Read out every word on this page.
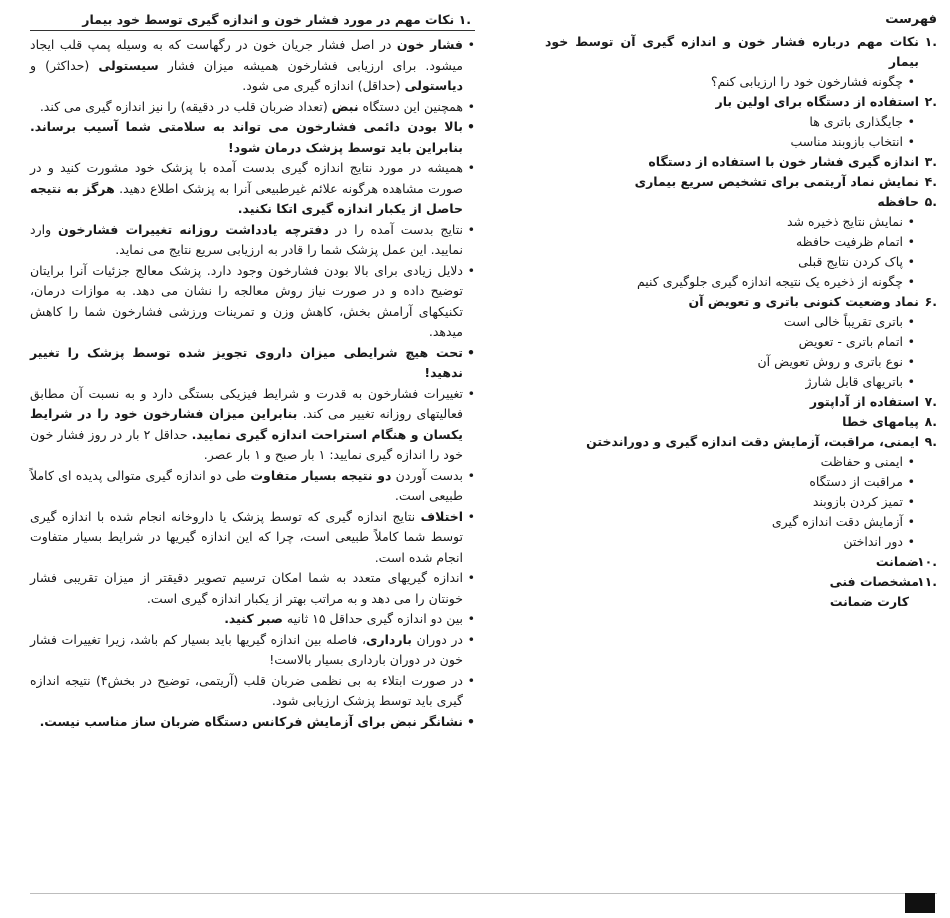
فهرست
.١
نکات مهم درباره فشار خون و اندازه گیری آن توسط خود بیمار
• چگونه فشارخون خود را ارزیابی کنم؟
.٢
استفاده از دستگاه برای اولین بار
• جایگذاری باتری ها
• انتخاب بازوبند مناسب
.٣
اندازه گیری فشار خون با استفاده از دستگاه
.۴
نمایش نماد آریتمی برای تشخیص سریع بیماری
.۵
حافظه
• نمایش نتایج ذخیره شد
• اتمام ظرفیت حافظه
• پاک کردن نتایج قبلی
• چگونه از ذخیره یک نتیجه اندازه گیری جلوگیری کنیم
.۶
نماد وضعیت کنونی باتری و تعویض آن
• باتری تقریباً خالی است
• اتمام باتری - تعویض
• نوع باتری و روش تعویض آن
• باتریهای قابل شارژ
.٧
استفاده از آداپتور
.٨
پیامهای خطا
.٩
ایمنی، مراقبت، آزمایش دقت اندازه گیری و دوراندختن
• ایمنی و حفاظت
• مراقبت از دستگاه
• تمیز کردن بازوبند
• آزمایش دقت اندازه گیری
• دور انداختن
.١٠
ضمانت
.١١
مشخصات فنی
کارت ضمانت
.١ نکات مهم در مورد فشار خون و اندازه گیری توسط خود بیمار

• فشار خون در اصل فشار جریان خون در رگهاست که به وسیله پمپ قلب ایجاد میشود. برای ارزیابی فشارخون همیشه میزان فشار سیستولی (حداکثر) و دیاستولی (حداقل) اندازه گیری می شود.

• همچنین این دستگاه نبض (تعداد ضربان قلب در دقیقه) را نیز اندازه گیری می کند.

• بالا بودن دائمی فشارخون می تواند به سلامتی شما آسیب برساند. بنابراین باید توسط پزشک درمان شود!

• همیشه در مورد نتایج اندازه گیری بدست آمده با پزشک خود مشورت کنید و در صورت مشاهده هرگونه علائم غیرطبیعی آنرا به پزشک اطلاع دهید. هرگز به نتیجه حاصل از یکبار اندازه گیری اتکا نکنید.

• نتایج بدست آمده را در دفترچه یادداشت روزانه تغییرات فشارخون وارد نمایید. این عمل پزشک شما را قادر به ارزیابی سریع نتایج می نماید.

• دلایل زیادی برای بالا بودن فشارخون وجود دارد. پزشک معالج جزئیات آنرا برایتان توضیح داده و در صورت نیاز روش معالجه را نشان می دهد. به موازات درمان، تکنیکهای آرامش بخش، کاهش وزن و تمرینات ورزشی فشارخون شما را کاهش میدهد.

• تحت هیچ شرایطی میزان داروی تجویز شده توسط پزشک را تغییر ندهید!

• تغییرات فشارخون به قدرت و شرایط فیزیکی بستگی دارد و به نسبت آن مطابق فعالیتهای روزانه تغییر می کند. بنابراین میزان فشارخون خود را در شرایط یکسان و هنگام استراحت اندازه گیری نمایید. حداقل ٢ بار در روز فشار خون خود را اندازه گیری نمایید: ١ بار صبح و ١ بار عصر.

• بدست آوردن دو نتیجه بسیار متفاوت طی دو اندازه گیری متوالی پدیده ای کاملاً طبیعی است.

• اختلاف نتایج اندازه گیری که توسط پزشک یا داروخانه انجام شده با اندازه گیری توسط شما کاملاً طبیعی است، چرا که این اندازه گیریها در شرایط بسیار متفاوت انجام شده است.

• اندازه گیریهای متعدد به شما امکان ترسیم تصویر دقیقتر از میزان تقریبی فشار خونتان را می دهد و به مراتب بهتر از یکبار اندازه گیری است.

• بین دو اندازه گیری حداقل ١۵ ثانیه صبر کنید.

• در دوران بارداری، فاصله بین اندازه گیریها باید بسیار کم باشد، زیرا تغییرات فشار خون در دوران بارداری بسیار بالاست!

• در صورت ابتلاء به بی نظمی ضربان قلب (آریتمی، توضیح در بخش۴) نتیجه اندازه گیری باید توسط پزشک ارزیابی شود.

• نشانگر نبض برای آزمایش فرکانس دستگاه ضربان ساز مناسب نیست.
